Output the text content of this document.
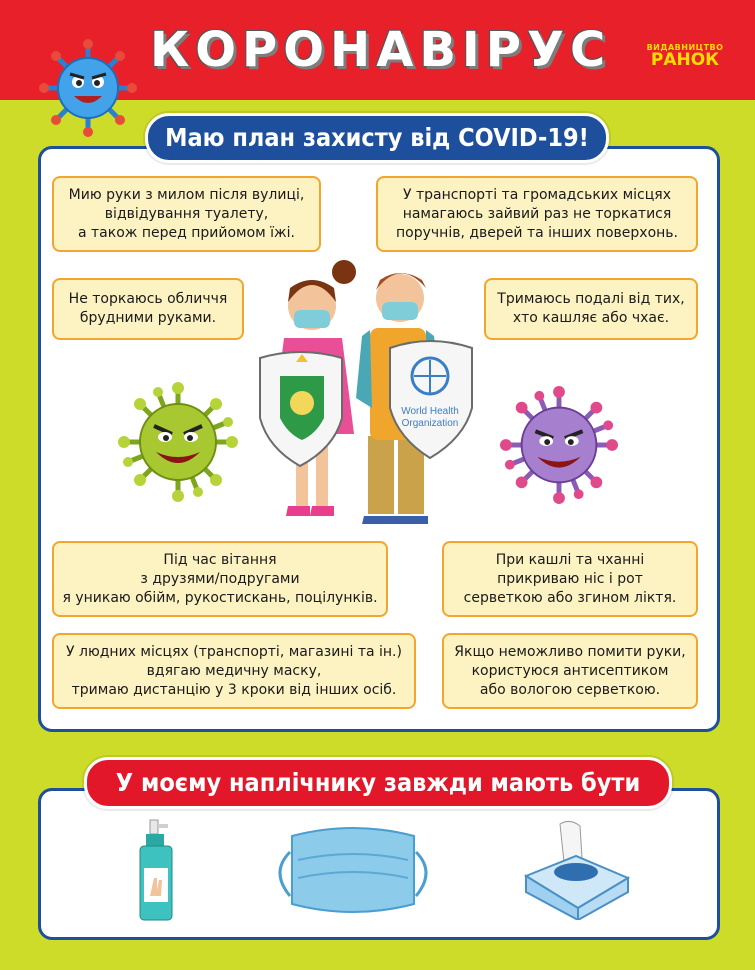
КОРОНАВІРУС	ВИДАВНИЦТВО
РАНОК
Маю план захисту від COVID-19!
Мию руки з милом після вулиці,
відвідування туалету,
а також перед прийомом їжі.
У транспорті та громадських місцях
намагаюсь зайвий раз не торкатися
поручнів, дверей та інших поверхонь.
Не торкаюсь обличчя
брудними руками.
Тримаюсь подалі від тих,
хто кашляє або чхає.
World Health
Organization
Під час вітання
з друзями/подругами
я уникаю обійм, рукостискань, поцілунків.
При кашлі та чханні
прикриваю ніс і рот
серветкою або згином ліктя.
У людних місцях (транспорті, магазині та ін.)
вдягаю медичну маску,
тримаю дистанцію у 3 кроки від інших осіб.
Якщо неможливо помити руки,
користуюся антисептиком
або вологою серветкою.
У моєму наплічнику завжди мають бути
